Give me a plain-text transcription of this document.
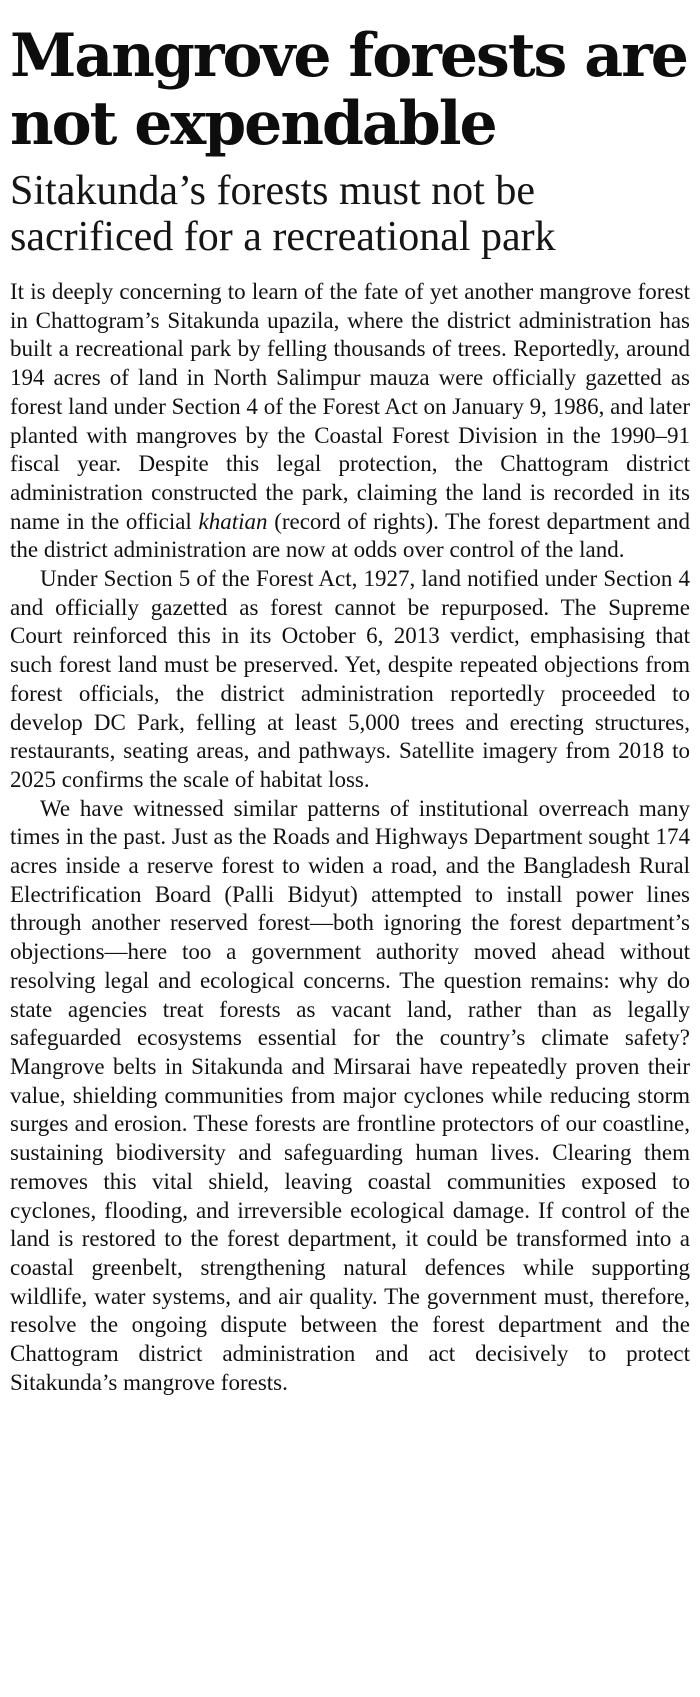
Mangrove forests are not expendable
Sitakunda’s forests must not be sacrificed for a recreational park

It is deeply concerning to learn of the fate of yet another mangrove forest in Chattogram’s Sitakunda upazila, where the district administration has built a recreational park by felling thousands of trees. Reportedly, around 194 acres of land in North Salimpur mauza were officially gazetted as forest land under Section 4 of the Forest Act on January 9, 1986, and later planted with mangroves by the Coastal Forest Division in the 1990–91 fiscal year. Despite this legal protection, the Chattogram district administration constructed the park, claiming the land is recorded in its name in the official khatian (record of rights). The forest department and the district administration are now at odds over control of the land.

Under Section 5 of the Forest Act, 1927, land notified under Section 4 and officially gazetted as forest cannot be repurposed. The Supreme Court reinforced this in its October 6, 2013 verdict, emphasising that such forest land must be preserved. Yet, despite repeated objections from forest officials, the district administration reportedly proceeded to develop DC Park, felling at least 5,000 trees and erecting structures, restaurants, seating areas, and pathways. Satellite imagery from 2018 to 2025 confirms the scale of habitat loss.

We have witnessed similar patterns of institutional overreach many times in the past. Just as the Roads and Highways Department sought 174 acres inside a reserve forest to widen a road, and the Bangladesh Rural Electrification Board (Palli Bidyut) attempted to install power lines through another reserved forest—both ignoring the forest department’s objections—here too a government authority moved ahead without resolving legal and ecological concerns. The question remains: why do state agencies treat forests as vacant land, rather than as legally safeguarded ecosystems essential for the country’s climate safety? Mangrove belts in Sitakunda and Mirsarai have repeatedly proven their value, shielding communities from major cyclones while reducing storm surges and erosion. These forests are frontline protectors of our coastline, sustaining biodiversity and safeguarding human lives. Clearing them removes this vital shield, leaving coastal communities exposed to cyclones, flooding, and irreversible ecological damage. If control of the land is restored to the forest department, it could be transformed into a coastal greenbelt, strengthening natural defences while supporting wildlife, water systems, and air quality. The government must, therefore, resolve the ongoing dispute between the forest department and the Chattogram district administration and act decisively to protect Sitakunda’s mangrove forests.
